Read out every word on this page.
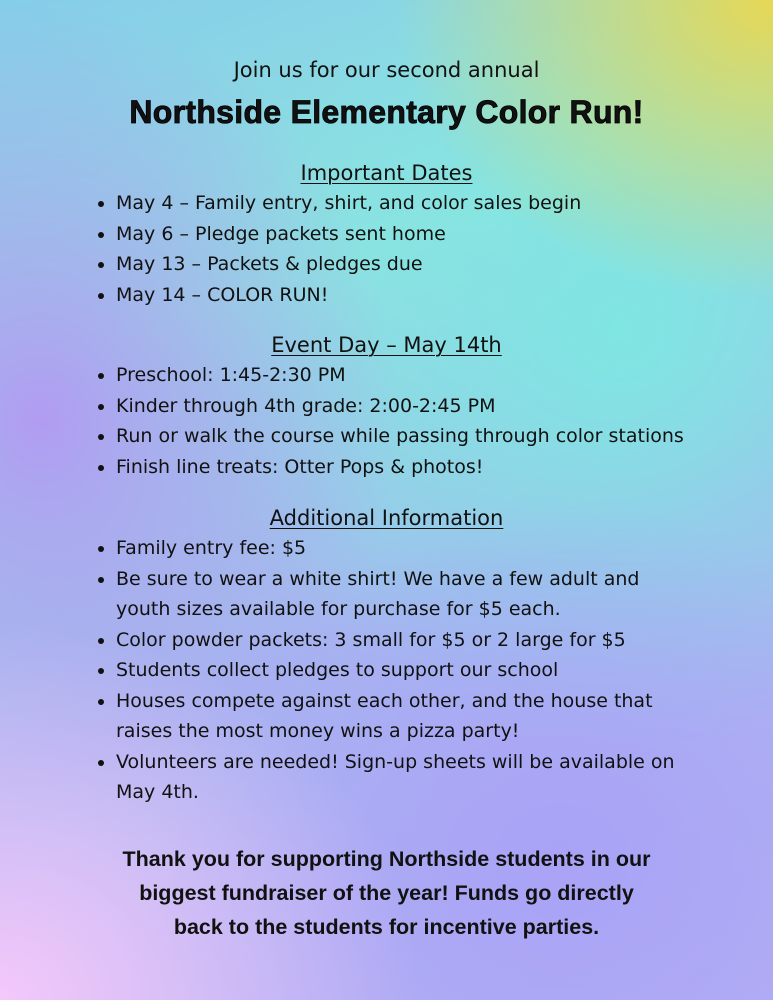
Join us for our second annual
Northside Elementary Color Run!
Important Dates
May 4 – Family entry, shirt, and color sales begin
May 6 – Pledge packets sent home
May 13 – Packets & pledges due
May 14 – COLOR RUN!
Event Day – May 14th
Preschool: 1:45-2:30 PM
Kinder through 4th grade: 2:00-2:45 PM
Run or walk the course while passing through color stations
Finish line treats: Otter Pops & photos!
Additional Information
Family entry fee: $5
Be sure to wear a white shirt! We have a few adult and youth sizes available for purchase for $5 each.
Color powder packets: 3 small for $5 or 2 large for $5
Students collect pledges to support our school
Houses compete against each other, and the house that raises the most money wins a pizza party!
Volunteers are needed! Sign-up sheets will be available on May 4th.
Thank you for supporting Northside students in our
biggest fundraiser of the year! Funds go directly
back to the students for incentive parties.
